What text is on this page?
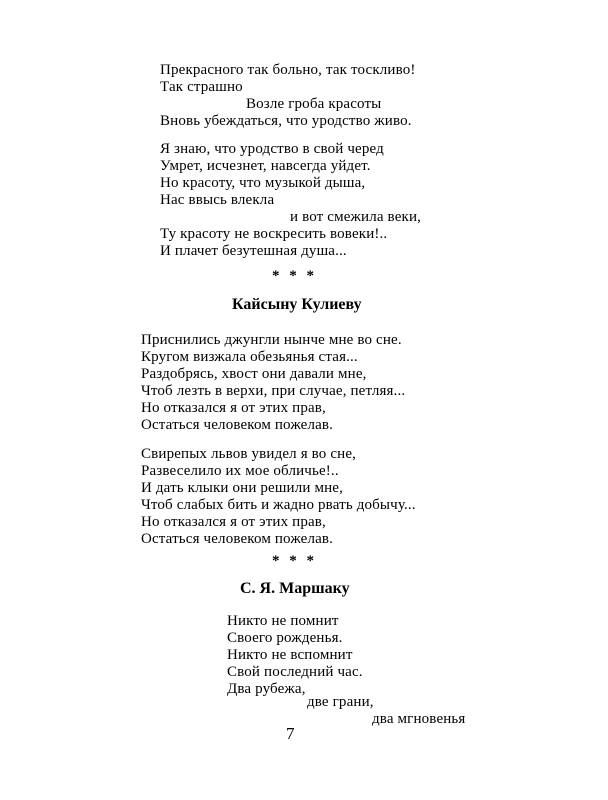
Прекрасного так больно, так тоскливо!
Так страшно
Возле гроба красоты
Вновь убеждаться, что уродство живо.
Я знаю, что уродство в свой черед
Умрет, исчезнет, навсегда уйдет.
Но красоту, что музыкой дыша,
Нас ввысь влекла
и вот смежила веки,
Ту красоту не воскресить вовеки!..
И плачет безутешная душа...
* * *
Кайсыну Кулиеву
Приснились джунгли нынче мне во сне.
Кругом визжала обезьянья стая...
Раздобрясь, хвост они давали мне,
Чтоб лезть в верхи, при случае, петляя...
Но отказался я от этих прав,
Остаться человеком пожелав.
Свирепых львов увидел я во сне,
Развеселило их мое обличье!..
И дать клыки они решили мне,
Чтоб слабых бить и жадно рвать добычу...
Но отказался я от этих прав,
Остаться человеком пожелав.
* * *
С. Я. Маршаку
Никто не помнит
Своего рожденья.
Никто не вспомнит
Свой последний час.
Два рубежа,
две грани,
два мгновенья
7
